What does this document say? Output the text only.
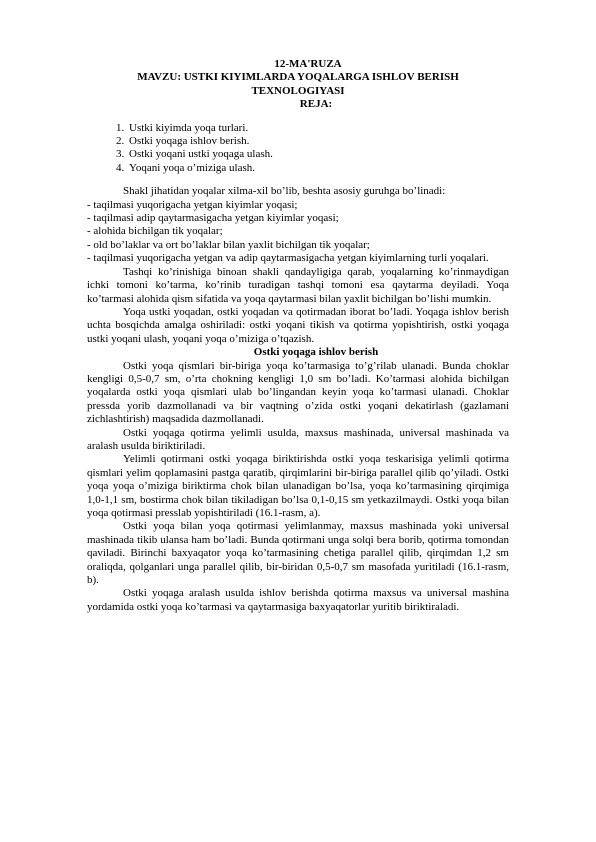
12-MA'RUZA

MAVZU: USTKI KIYIMLARDA YOQALARGA ISHLOV BERISH

TEXNOLOGIYASI

REJA:

1. Ustki kiyimda yoqa turlari.
2. Ostki yoqaga ishlov berish.
3. Ostki yoqani ustki yoqaga ulash.
4. Yoqani yoqa o’miziga ulash.

Shakl jihatidan yoqalar xilma-xil bo’lib, beshta asosiy guruhga bo’linadi:

- taqilmasi yuqorigacha yetgan kiyimlar yoqasi;

- taqilmasi adip qaytarmasigacha yetgan kiyimlar yoqasi;

- alohida bichilgan tik yoqalar;

- old bo’laklar va ort bo’laklar bilan yaxlit bichilgan tik yoqalar;

- taqilmasi yuqorigacha yetgan va adip qaytarmasigacha yetgan kiyimlarning turli yoqalari.

Tashqi ko’rinishiga binoan shakli qandayligiga qarab, yoqalarning ko’rinmaydigan ichki tomoni ko’tarma, ko’rinib turadigan tashqi tomoni esa qaytarma deyiladi. Yoqa ko’tarmasi alohida qism sifatida va yoqa qaytarmasi bilan yaxlit bichilgan bo’lishi mumkin.

Yoqa ustki yoqadan, ostki yoqadan va qotirmadan iborat bo’ladi. Yoqaga ishlov berish uchta bosqichda amalga oshiriladi: ostki yoqani tikish va qotirma yopishtirish, ostki yoqaga ustki yoqani ulash, yoqani yoqa o’miziga o’tqazish.

Ostki yoqaga ishlov berish

Ostki yoqa qismlari bir-biriga yoqa ko’tarmasiga to’g’rilab ulanadi. Bunda choklar kengligi 0,5-0,7 sm, o’rta chokning kengligi 1,0 sm bo’ladi. Ko’tarmasi alohida bichilgan yoqalarda ostki yoqa qismlari ulab bo’lingandan keyin yoqa ko’tarmasi ulanadi. Choklar pressda yorib dazmollanadi va bir vaqtning o’zida ostki yoqani dekatirlash (gazlamani zichlashtirish) maqsadida dazmollanadi.

Ostki yoqaga qotirma yelimli usulda, maxsus mashinada, universal mashinada va aralash usulda biriktiriladi.

Yelimli qotirmani ostki yoqaga biriktirishda ostki yoqa teskarisiga yelimli qotirma qismlari yelim qoplamasini pastga qaratib, qirqimlarini bir-biriga parallel qilib qo’yiladi. Ostki yoqa yoqa o’miziga biriktirma chok bilan ulanadigan bo’lsa, yoqa ko’tarmasining qirqimiga 1,0-1,1 sm, bostirma chok bilan tikiladigan bo’lsa 0,1-0,15 sm yetkazilmaydi. Ostki yoqa bilan yoqa qotirmasi presslab yopishtiriladi (16.1-rasm, a).

Ostki yoqa bilan yoqa qotirmasi yelimlanmay, maxsus mashinada yoki universal mashinada tikib ulansa ham bo’ladi. Bunda qotirmani unga solqi bera borib, qotirma tomondan qaviladi. Birinchi baxyaqator yoqa ko’tarmasining chetiga parallel qilib, qirqimdan 1,2 sm oraliqda, qolganlari unga parallel qilib, bir-biridan 0,5-0,7 sm masofada yuritiladi (16.1-rasm, b).

Ostki yoqaga aralash usulda ishlov berishda qotirma maxsus va universal mashina yordamida ostki yoqa ko’tarmasi va qaytarmasiga baxyaqatorlar yuritib biriktiraladi.
